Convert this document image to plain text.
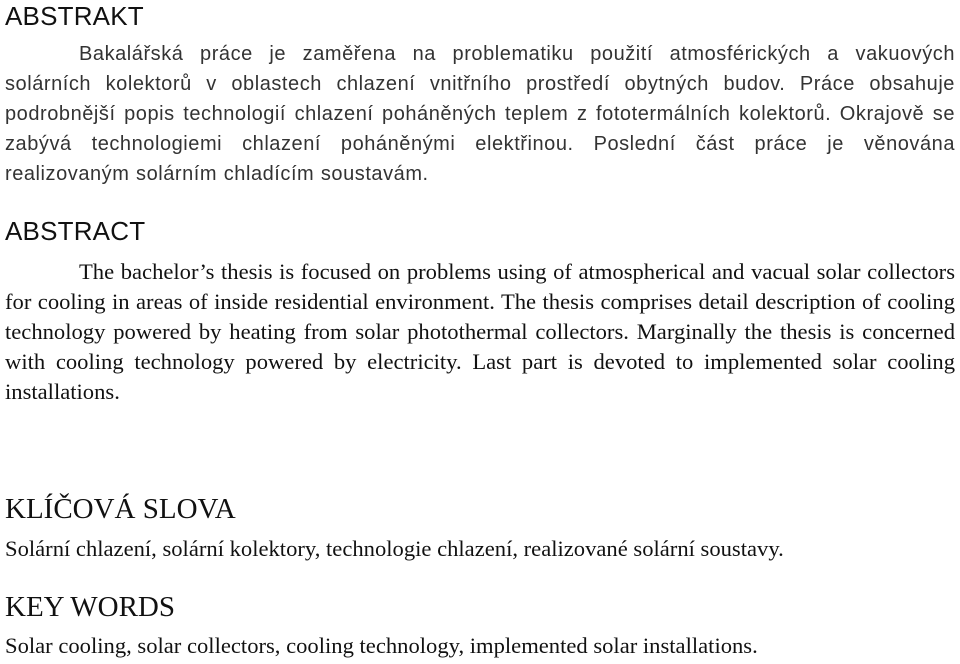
ABSTRAKT

Bakalářská práce je zaměřena na problematiku použití atmosférických a vakuových solárních kolektorů v oblastech chlazení vnitřního prostředí obytných budov. Práce obsahuje podrobnější popis technologií chlazení poháněných teplem z fototermálních kolektorů. Okrajově se zabývá technologiemi chlazení poháněnými elektřinou. Poslední část práce je věnována realizovaným solárním chladícím soustavám.

ABSTRACT

The bachelor’s thesis is focused on problems using of atmospherical and vacual solar collectors for cooling in areas of inside residential environment. The thesis comprises detail description of cooling technology powered by heating from solar photothermal collectors. Marginally the thesis is concerned with cooling technology powered by electricity. Last part is devoted to implemented solar cooling installations.

KLÍČOVÁ SLOVA

Solární chlazení, solární kolektory, technologie chlazení, realizované solární soustavy.

KEY WORDS

Solar cooling, solar collectors, cooling technology, implemented solar installations.
